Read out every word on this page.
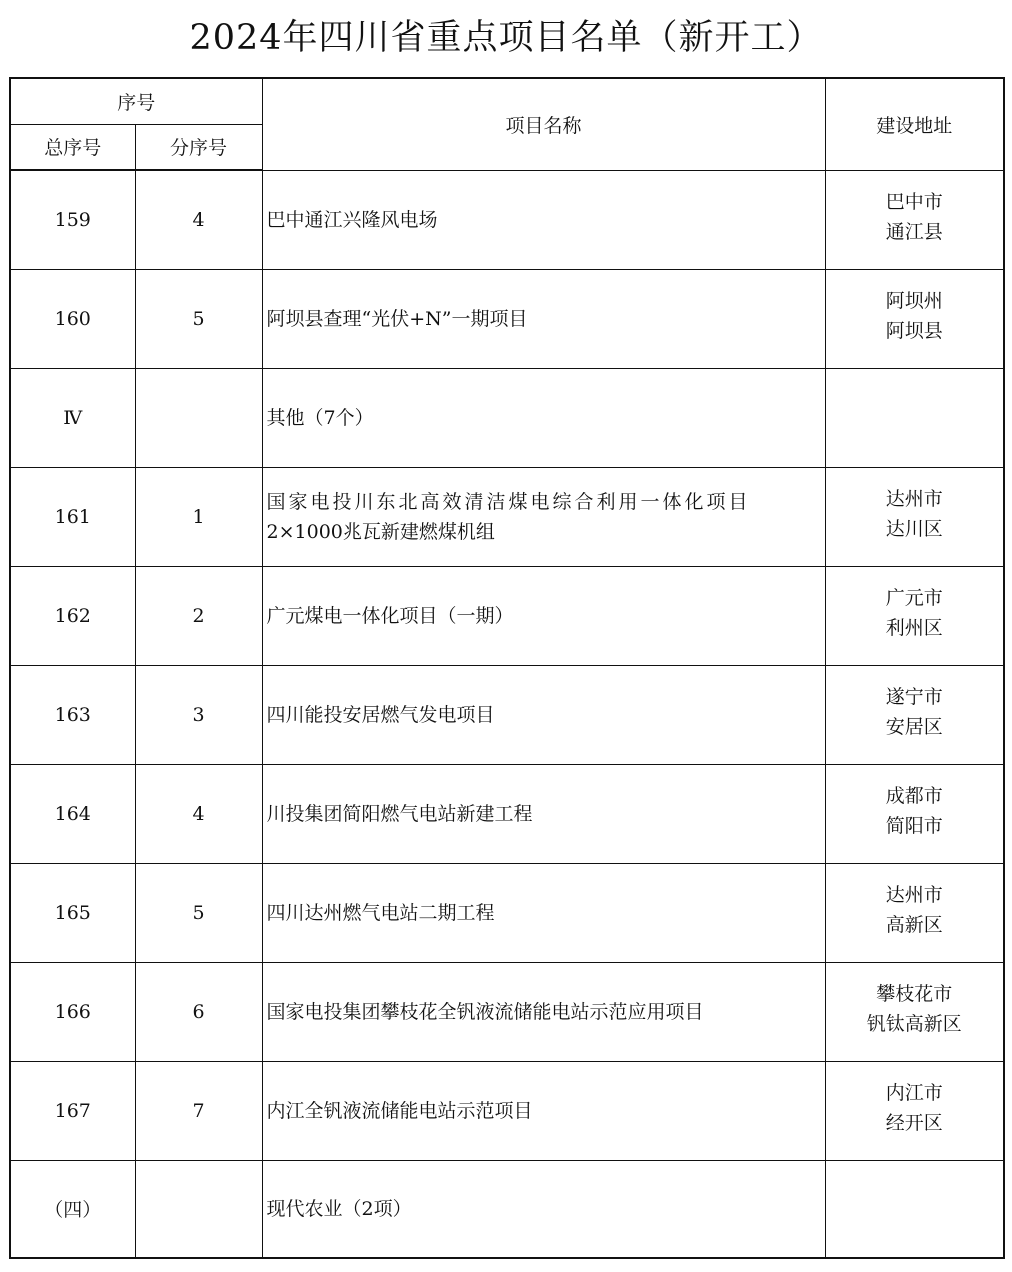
2024年四川省重点项目名单（新开工）
序号		项目名称	建设地址
总序号	分序号		
159	4	巴中通江兴隆风电场	巴中市
通江县

160	5	阿坝县查理“光伏+N”一期项目	阿坝州
阿坝县

Ⅳ		其他（7个）	

161	1	国家电投川东北高效清洁煤电综合利用一体化项目
2×1000兆瓦新建燃煤机组	达州市
达川区

162	2	广元煤电一体化项目（一期）	广元市
利州区

163	3	四川能投安居燃气发电项目	遂宁市
安居区

164	4	川投集团简阳燃气电站新建工程	成都市
简阳市

165	5	四川达州燃气电站二期工程	达州市
高新区

166	6	国家电投集团攀枝花全钒液流储能电站示范应用项目	攀枝花市
钒钛高新区

167	7	内江全钒液流储能电站示范项目	内江市
经开区

（四）		现代农业（2项）	
